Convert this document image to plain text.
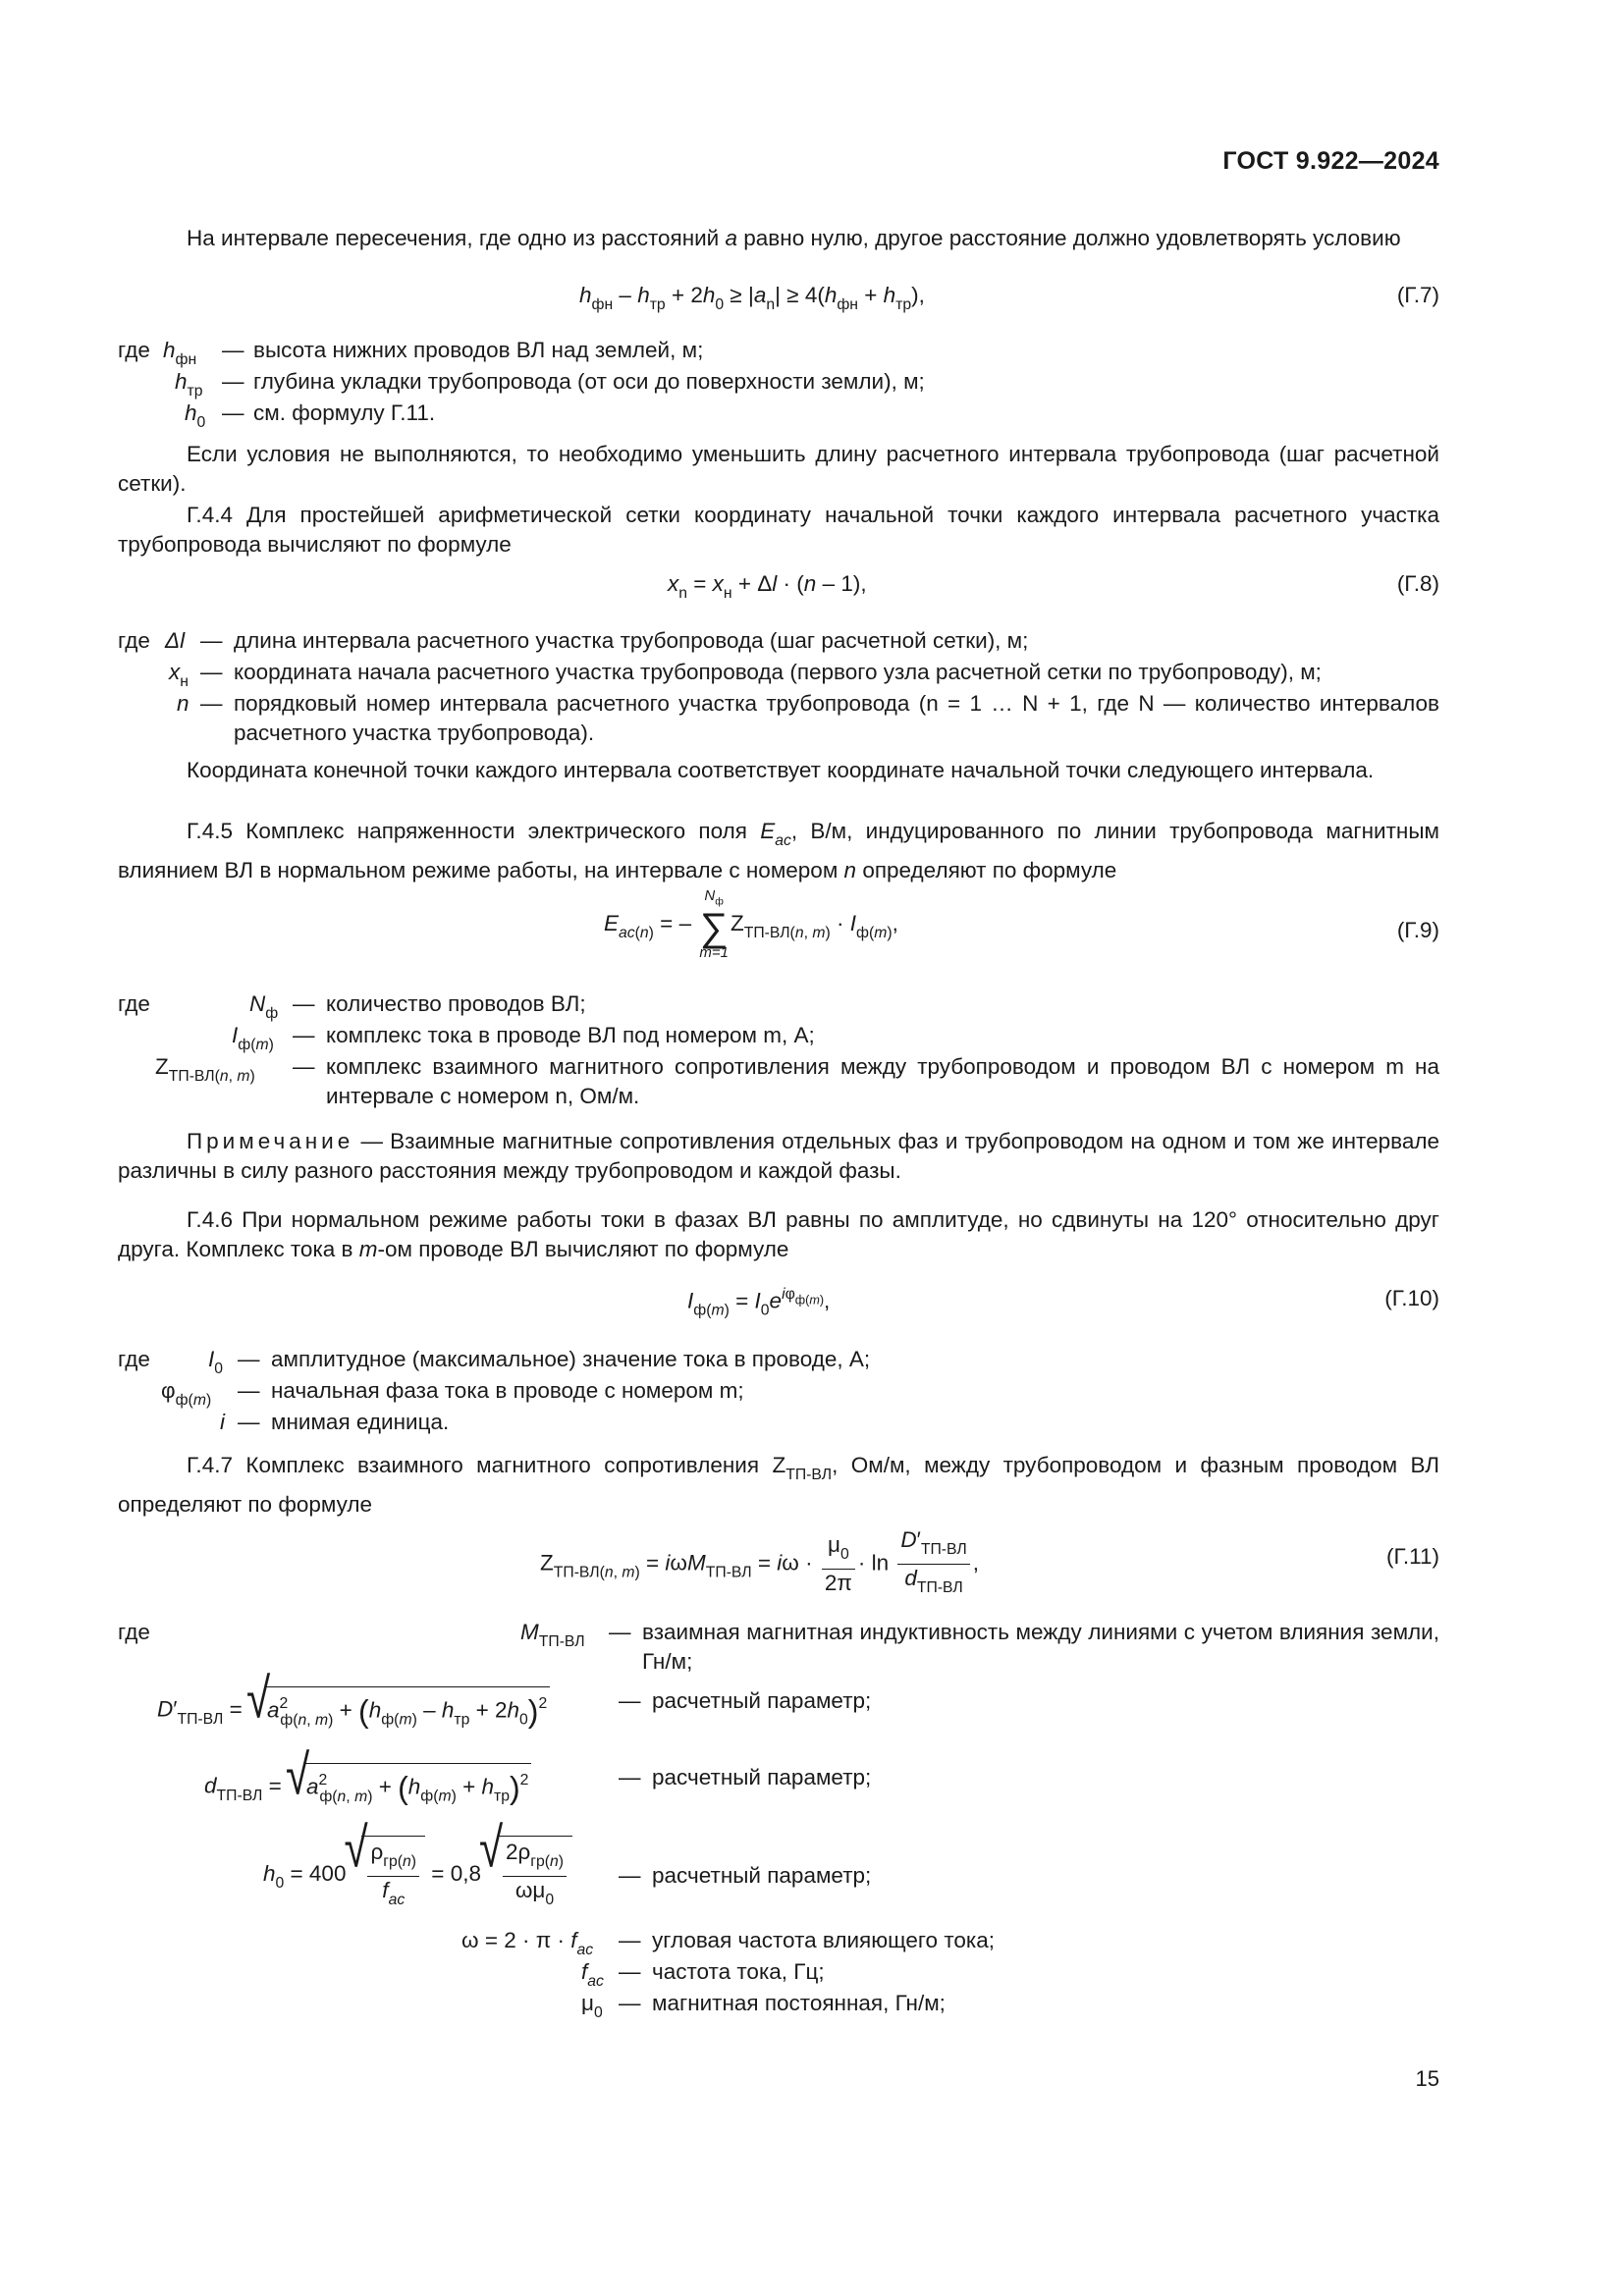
ГОСТ 9.922—2024
На интервале пересечения, где одно из расстояний a равно нулю, другое расстояние должно удовлетворять условию
$h_{фн} - h_{тр} + 2h_0 \ge |a_n| \ge 4(h_{фн} + h_{тр})$,	(Г.7)
где $h_{фн}$ — высота нижних проводов ВЛ над землей, м;
$h_{тр}$ — глубина укладки трубопровода (от оси до поверхности земли), м;
$h_0$ — см. формулу Г.11.
Если условия не выполняются, то необходимо уменьшить длину расчетного интервала трубопровода (шаг расчетной сетки).
Г.4.4 Для простейшей арифметической сетки координату начальной точки каждого интервала расчетного участка трубопровода вычисляют по формуле
$x_n = x_н + \Delta l \cdot (n - 1)$,	(Г.8)
где Δl — длина интервала расчетного участка трубопровода (шаг расчетной сетки), м;
$x_н$ — координата начала расчетного участка трубопровода (первого узла расчетной сетки по трубопроводу), м;
n — порядковый номер интервала расчетного участка трубопровода (n = 1 … N + 1, где N — количество интервалов расчетного участка трубопровода).
Координата конечной точки каждого интервала соответствует координате начальной точки следующего интервала.
Г.4.5 Комплекс напряженности электрического поля $E_{ac}$, В/м, индуцированного по линии трубопровода магнитным влиянием ВЛ в нормальном режиме работы, на интервале с номером n определяют по формуле
$E_{ac(n)}$ = –
$N_ф$
∑
m=1
$Z_{ТП-ВЛ(n, m)} \cdot I_{ф(m)}$,	(Г.9)
где	$N_ф$ — количество проводов ВЛ;
$I_{ф(m)}$ — комплекс тока в проводе ВЛ под номером m, А;
$Z_{ТП-ВЛ(n, m)}$ — комплекс взаимного магнитного сопротивления между трубопроводом и проводом ВЛ с номером m на интервале с номером n, Ом/м.
Примечание — Взаимные магнитные сопротивления отдельных фаз и трубопроводом на одном и том же интервале различны в силу разного расстояния между трубопроводом и каждой фазы.
Г.4.6 При нормальном режиме работы токи в фазах ВЛ равны по амплитуде, но сдвинуты на 120° относительно друг друга. Комплекс тока в m-ом проводе ВЛ вычисляют по формуле
$I_{ф(m)} = I_0e^{i\varphi_{ф(m)}}$,	(Г.10)
где	$I_0$ — амплитудное (максимальное) значение тока в проводе, А;
$\varphi_{ф(m)}$ — начальная фаза тока в проводе с номером m;
i — мнимая единица.
Г.4.7 Комплекс взаимного магнитного сопротивления $Z_{ТП-ВЛ}$, Ом/м, между трубопроводом и фазным проводом ВЛ определяют по формуле
$Z_{ТП-ВЛ(n, m)} = i\omega M_{ТП-ВЛ} = i\omega \cdot \frac{\mu_0}{2\pi} \cdot \ln \frac{D'_{ТП-ВЛ}}{d_{ТП-ВЛ}}$ ,	(Г.11)
где	$M_{ТП-ВЛ}$ — взаимная магнитная индуктивность между линиями с учетом влияния земли, Гн/м;
$D'_{ТП-ВЛ}$ = √ $a^2_{ф(n, m)} + (h_{ф(m)} - h_{тр} + 2h_0)^2$	— расчетный параметр;
$d_{ТП-ВЛ}$ = √ $a^2_{ф(n, m)} + (h_{ф(m)} + h_{тр})^2$	— расчетный параметр;
$h_0 = 400$ √ $\frac{\rho_{гр(n)}}{f_{ac}} = 0,8$ √ $\frac{2\rho_{гр(n)}}{\omega\mu_0}$ — расчетный параметр;
$\omega = 2 \cdot \pi \cdot f_{ac}$ — угловая частота влияющего тока;
$f_{ac}$ — частота тока, Гц;
$\mu_0$ — магнитная постоянная, Гн/м;
15
